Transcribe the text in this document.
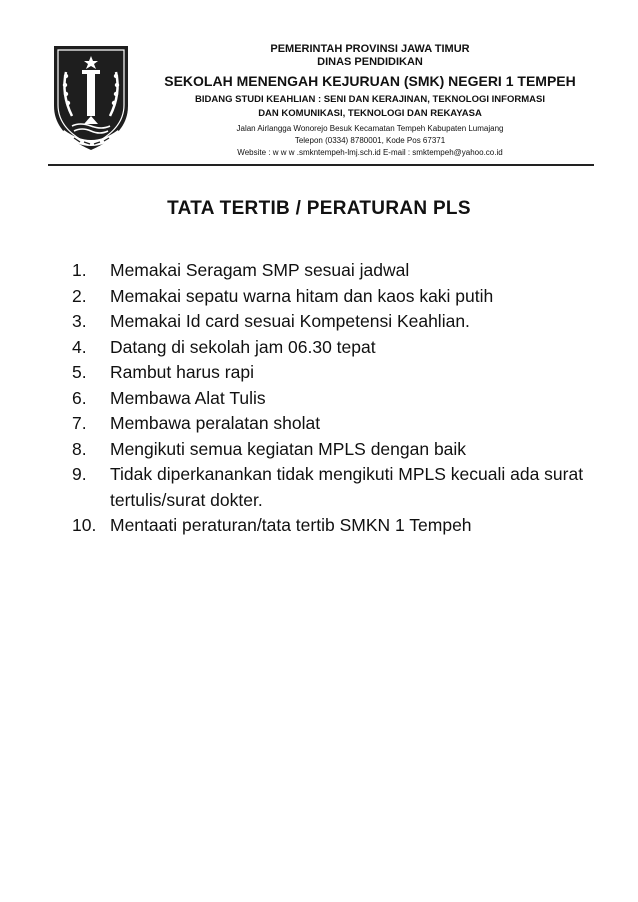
PEMERINTAH PROVINSI JAWA TIMUR
DINAS PENDIDIKAN
SEKOLAH MENENGAH KEJURUAN (SMK) NEGERI 1 TEMPEH
BIDANG STUDI KEAHLIAN : SENI DAN KERAJINAN, TEKNOLOGI INFORMASI
DAN KOMUNIKASI, TEKNOLOGI DAN REKAYASA
Jalan Airlangga Wonorejo Besuk Kecamatan Tempeh Kabupaten Lumajang
Telepon (0334) 8780001, Kode Pos 67371
Website : w w w .smkntempeh-lmj.sch.id E-mail : smktempeh@yahoo.co.id
TATA TERTIB / PERATURAN PLS
1.	Memakai Seragam SMP sesuai jadwal
2.	Memakai sepatu warna hitam dan kaos kaki putih
3.	Memakai Id card sesuai Kompetensi Keahlian.
4.	Datang di sekolah jam 06.30 tepat
5.	Rambut harus rapi
6.	Membawa Alat Tulis
7.	Membawa peralatan sholat
8.	Mengikuti semua kegiatan MPLS dengan baik
9.	Tidak diperkanankan tidak mengikuti MPLS kecuali ada surat tertulis/surat dokter.
10. Mentaati peraturan/tata tertib SMKN 1 Tempeh
